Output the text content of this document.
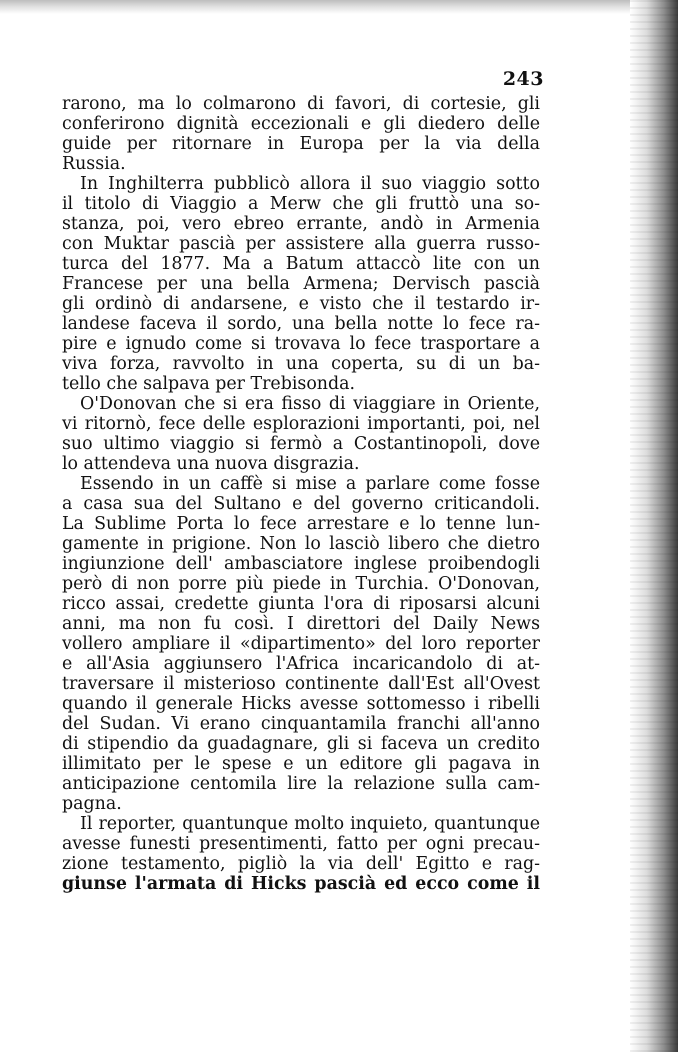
243
rarono, ma lo colmarono di favori, di cortesie, gli
conferirono dignità eccezionali e gli diedero delle
guide per ritornare in Europa per la via della
Russia.
In Inghilterra pubblicò allora il suo viaggio sotto
il titolo di Viaggio a Merw che gli fruttò una so-
stanza, poi, vero ebreo errante, andò in Armenia
con Muktar pascià per assistere alla guerra russo-
turca del 1877. Ma a Batum attaccò lite con un
Francese per una bella Armena; Dervisch pascià
gli ordinò di andarsene, e visto che il testardo ir-
landese faceva il sordo, una bella notte lo fece ra-
pire e ignudo come si trovava lo fece trasportare a
viva forza, ravvolto in una coperta, su di un ba-
tello che salpava per Trebisonda.
O'Donovan che si era fisso di viaggiare in Oriente,
vi ritornò, fece delle esplorazioni importanti, poi, nel
suo ultimo viaggio si fermò a Costantinopoli, dove
lo attendeva una nuova disgrazia.
Essendo in un caffè si mise a parlare come fosse
a casa sua del Sultano e del governo criticandoli.
La Sublime Porta lo fece arrestare e lo tenne lun-
gamente in prigione. Non lo lasciò libero che dietro
ingiunzione dell' ambasciatore inglese proibendogli
però di non porre più piede in Turchia. O'Donovan,
ricco assai, credette giunta l'ora di riposarsi alcuni
anni, ma non fu così. I direttori del Daily News
vollero ampliare il «dipartimento» del loro reporter
e all'Asia aggiunsero l'Africa incaricandolo di at-
traversare il misterioso continente dall'Est all'Ovest
quando il generale Hicks avesse sottomesso i ribelli
del Sudan. Vi erano cinquantamila franchi all'anno
di stipendio da guadagnare, gli si faceva un credito
illimitato per le spese e un editore gli pagava in
anticipazione centomila lire la relazione sulla cam-
pagna.
Il reporter, quantunque molto inquieto, quantunque
avesse funesti presentimenti, fatto per ogni precau-
zione testamento, pigliò la via dell' Egitto e rag-
giunse l'armata di Hicks pascià ed ecco come il
